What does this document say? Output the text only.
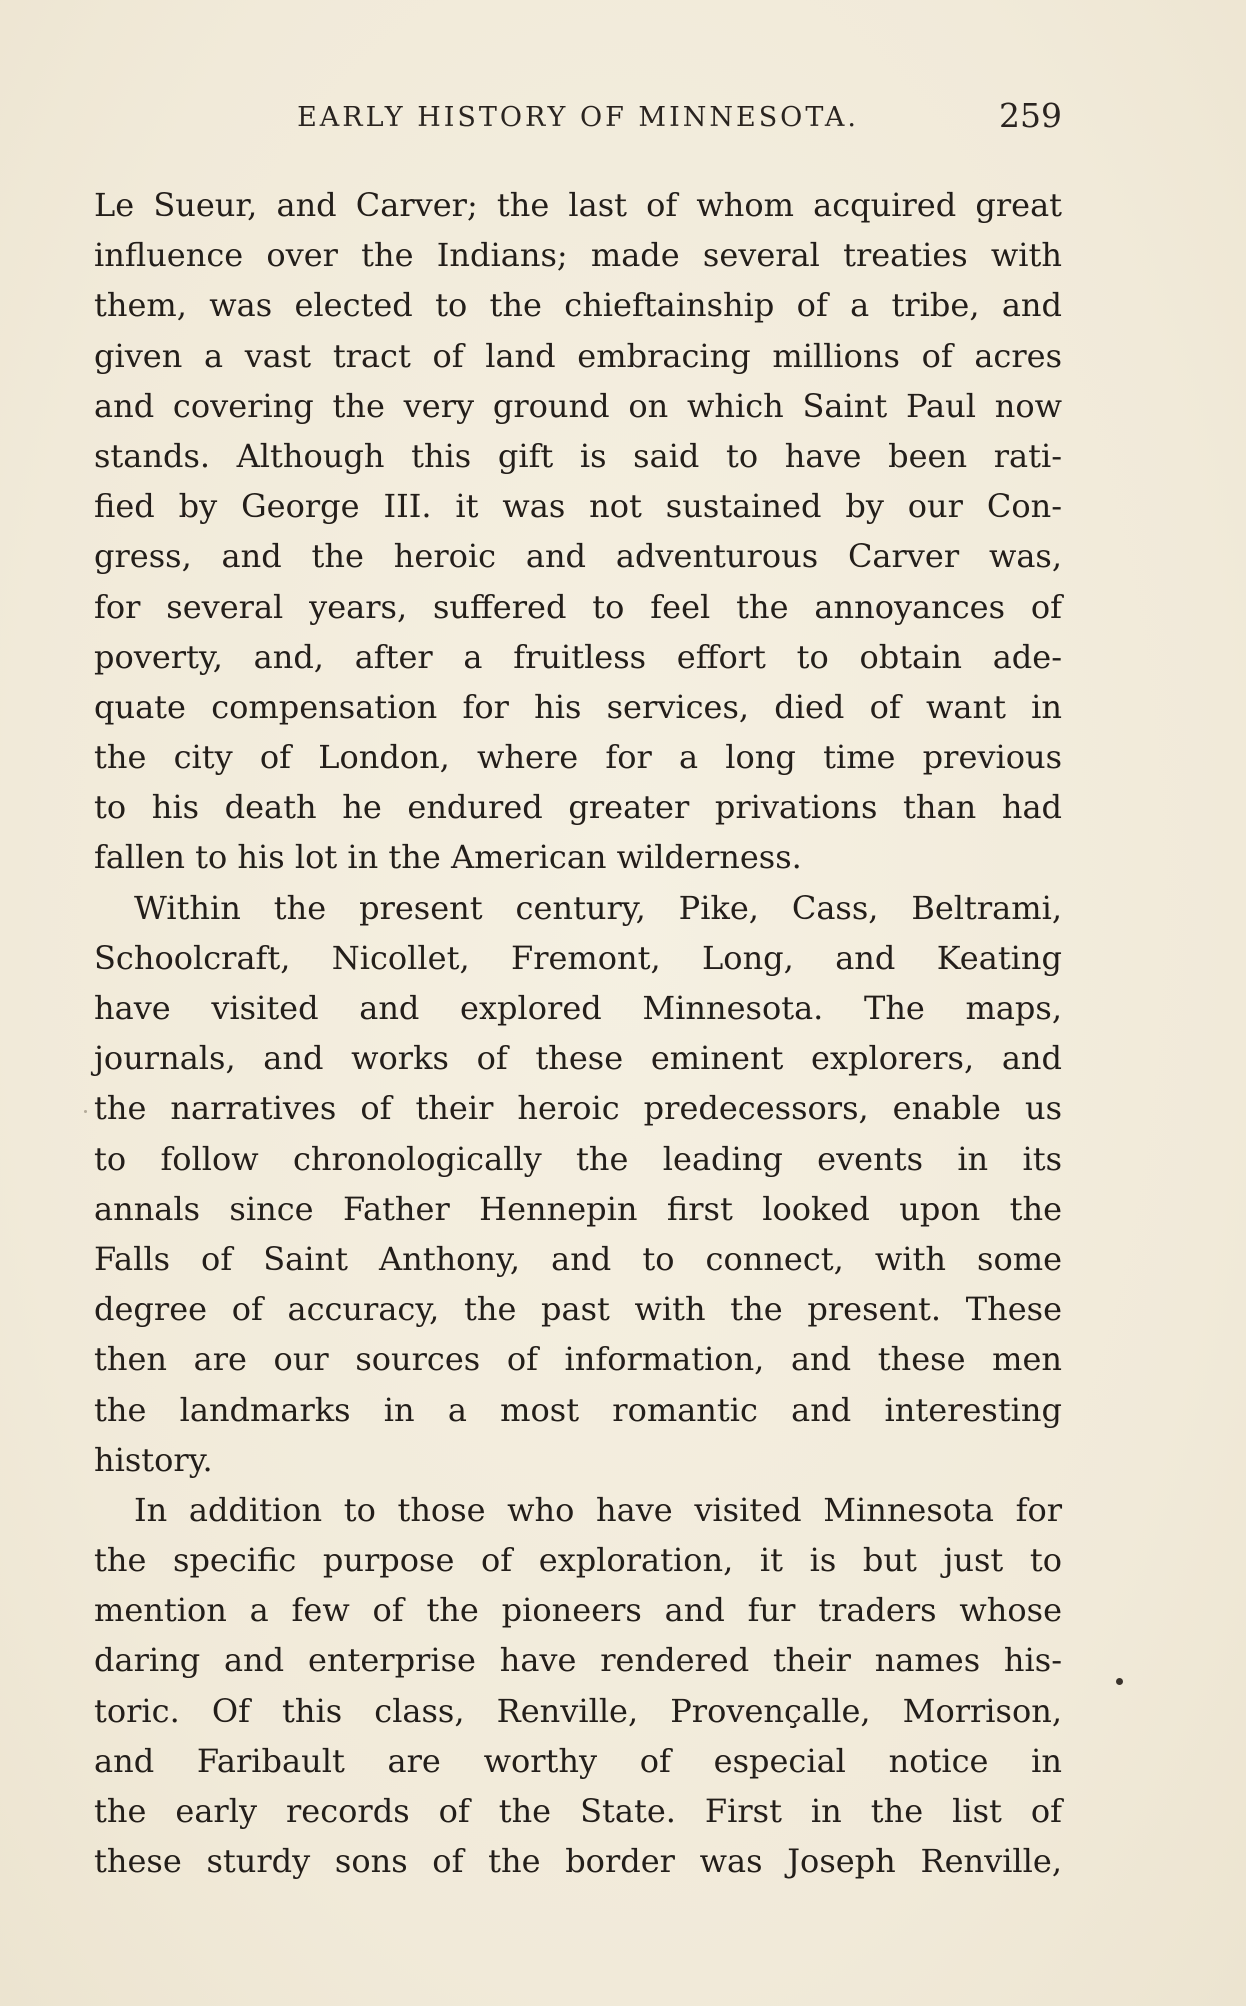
EARLY HISTORY OF MINNESOTA.	259
Le Sueur, and Carver; the last of whom acquired great
influence over the Indians; made several treaties with
them, was elected to the chieftainship of a tribe, and
given a vast tract of land embracing millions of acres
and covering the very ground on which Saint Paul now
stands. Although this gift is said to have been rati-
fied by George III. it was not sustained by our Con-
gress, and the heroic and adventurous Carver was,
for several years, suffered to feel the annoyances of
poverty, and, after a fruitless effort to obtain ade-
quate compensation for his services, died of want in
the city of London, where for a long time previous
to his death he endured greater privations than had
fallen to his lot in the American wilderness.
Within the present century, Pike, Cass, Beltrami,
Schoolcraft, Nicollet, Fremont, Long, and Keating
have visited and explored Minnesota. The maps,
journals, and works of these eminent explorers, and
the narratives of their heroic predecessors, enable us
to follow chronologically the leading events in its
annals since Father Hennepin first looked upon the
Falls of Saint Anthony, and to connect, with some
degree of accuracy, the past with the present. These
then are our sources of information, and these men
the landmarks in a most romantic and interesting
history.
In addition to those who have visited Minnesota for
the specific purpose of exploration, it is but just to
mention a few of the pioneers and fur traders whose
daring and enterprise have rendered their names his-
toric. Of this class, Renville, Provençalle, Morrison,
and Faribault are worthy of especial notice in
the early records of the State. First in the list of
these sturdy sons of the border was Joseph Renville,
